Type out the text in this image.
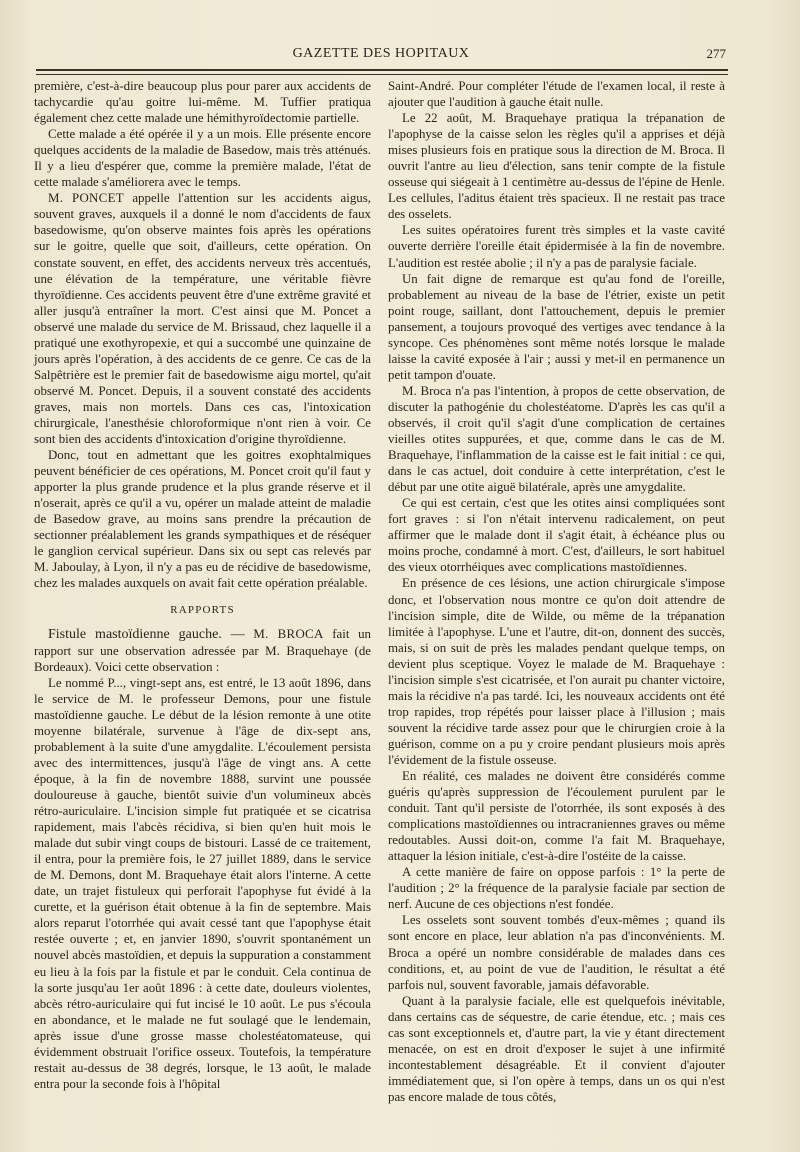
GAZETTE DES HOPITAUX	277

première, c'est-à-dire beaucoup plus pour parer aux accidents de tachycardie qu'au goitre lui-même. M. Tuffier pratiqua également chez cette malade une hémithyroïdectomie partielle.

Cette malade a été opérée il y a un mois. Elle présente encore quelques accidents de la maladie de Basedow, mais très atténués. Il y a lieu d'espérer que, comme la première malade, l'état de cette malade s'améliorera avec le temps.

M. PONCET appelle l'attention sur les accidents aigus, souvent graves, auxquels il a donné le nom d'accidents de faux basedowisme, qu'on observe maintes fois après les opérations sur le goitre, quelle que soit, d'ailleurs, cette opération. On constate souvent, en effet, des accidents nerveux très accentués, une élévation de la température, une véritable fièvre thyroïdienne. Ces accidents peuvent être d'une extrême gravité et aller jusqu'à entraîner la mort. C'est ainsi que M. Poncet a observé une malade du service de M. Brissaud, chez laquelle il a pratiqué une exothyropexie, et qui a succombé une quinzaine de jours après l'opération, à des accidents de ce genre. Ce cas de la Salpêtrière est le premier fait de basedowisme aigu mortel, qu'ait observé M. Poncet. Depuis, il a souvent constaté des accidents graves, mais non mortels. Dans ces cas, l'intoxication chirurgicale, l'anesthésie chloroformique n'ont rien à voir. Ce sont bien des accidents d'intoxication d'origine thyroïdienne.

Donc, tout en admettant que les goitres exophtalmiques peuvent bénéficier de ces opérations, M. Poncet croit qu'il faut y apporter la plus grande prudence et la plus grande réserve et il n'oserait, après ce qu'il a vu, opérer un malade atteint de maladie de Basedow grave, au moins sans prendre la précaution de sectionner préalablement les grands sympathiques et de réséquer le ganglion cervical supérieur. Dans six ou sept cas relevés par M. Jaboulay, à Lyon, il n'y a pas eu de récidive de basedowisme, chez les malades auxquels on avait fait cette opération préalable.

RAPPORTS

Fistule mastoïdienne gauche. — M. BROCA fait un rapport sur une observation adressée par M. Braquehaye (de Bordeaux). Voici cette observation :

Le nommé P..., vingt-sept ans, est entré, le 13 août 1896, dans le service de M. le professeur Demons, pour une fistule mastoïdienne gauche. Le début de la lésion remonte à une otite moyenne bilatérale, survenue à l'âge de dix-sept ans, probablement à la suite d'une amygdalite. L'écoulement persista avec des intermittences, jusqu'à l'âge de vingt ans. A cette époque, à la fin de novembre 1888, survint une poussée douloureuse à gauche, bientôt suivie d'un volumineux abcès rétro-auriculaire. L'incision simple fut pratiquée et se cicatrisa rapidement, mais l'abcès récidiva, si bien qu'en huit mois le malade dut subir vingt coups de bistouri. Lassé de ce traitement, il entra, pour la première fois, le 27 juillet 1889, dans le service de M. Demons, dont M. Braquehaye était alors l'interne. A cette date, un trajet fistuleux qui perforait l'apophyse fut évidé à la curette, et la guérison était obtenue à la fin de septembre. Mais alors reparut l'otorrhée qui avait cessé tant que l'apophyse était restée ouverte ; et, en janvier 1890, s'ouvrit spontanément un nouvel abcès mastoïdien, et depuis la suppuration a constamment eu lieu à la fois par la fistule et par le conduit. Cela continua de la sorte jusqu'au 1er août 1896 : à cette date, douleurs violentes, abcès rétro-auriculaire qui fut incisé le 10 août. Le pus s'écoula en abondance, et le malade ne fut soulagé que le lendemain, après issue d'une grosse masse cholestéatomateuse, qui évidemment obstruait l'orifice osseux. Toutefois, la température restait au-dessus de 38 degrés, lorsque, le 13 août, le malade entra pour la seconde fois à l'hôpital

Saint-André. Pour compléter l'étude de l'examen local, il reste à ajouter que l'audition à gauche était nulle.

Le 22 août, M. Braquehaye pratiqua la trépanation de l'apophyse de la caisse selon les règles qu'il a apprises et déjà mises plusieurs fois en pratique sous la direction de M. Broca. Il ouvrit l'antre au lieu d'élection, sans tenir compte de la fistule osseuse qui siégeait à 1 centimètre au-dessus de l'épine de Henle. Les cellules, l'aditus étaient très spacieux. Il ne restait pas trace des osselets.

Les suites opératoires furent très simples et la vaste cavité ouverte derrière l'oreille était épidermisée à la fin de novembre. L'audition est restée abolie ; il n'y a pas de paralysie faciale.

Un fait digne de remarque est qu'au fond de l'oreille, probablement au niveau de la base de l'étrier, existe un petit point rouge, saillant, dont l'attouchement, depuis le premier pansement, a toujours provoqué des vertiges avec tendance à la syncope. Ces phénomènes sont même notés lorsque le malade laisse la cavité exposée à l'air ; aussi y met-il en permanence un petit tampon d'ouate.

M. Broca n'a pas l'intention, à propos de cette observation, de discuter la pathogénie du cholestéatome. D'après les cas qu'il a observés, il croit qu'il s'agit d'une complication de certaines vieilles otites suppurées, et que, comme dans le cas de M. Braquehaye, l'inflammation de la caisse est le fait initial : ce qui, dans le cas actuel, doit conduire à cette interprétation, c'est le début par une otite aiguë bilatérale, après une amygdalite.

Ce qui est certain, c'est que les otites ainsi compliquées sont fort graves : si l'on n'était intervenu radicalement, on peut affirmer que le malade dont il s'agit était, à échéance plus ou moins proche, condamné à mort. C'est, d'ailleurs, le sort habituel des vieux otorrhéiques avec complications mastoïdiennes.

En présence de ces lésions, une action chirurgicale s'impose donc, et l'observation nous montre ce qu'on doit attendre de l'incision simple, dite de Wilde, ou même de la trépanation limitée à l'apophyse. L'une et l'autre, dit-on, donnent des succès, mais, si on suit de près les malades pendant quelque temps, on devient plus sceptique. Voyez le malade de M. Braquehaye : l'incision simple s'est cicatrisée, et l'on aurait pu chanter victoire, mais la récidive n'a pas tardé. Ici, les nouveaux accidents ont été trop rapides, trop répétés pour laisser place à l'illusion ; mais souvent la récidive tarde assez pour que le chirurgien croie à la guérison, comme on a pu y croire pendant plusieurs mois après l'évidement de la fistule osseuse.

En réalité, ces malades ne doivent être considérés comme guéris qu'après suppression de l'écoulement purulent par le conduit. Tant qu'il persiste de l'otorrhée, ils sont exposés à des complications mastoïdiennes ou intracraniennes graves ou même redoutables. Aussi doit-on, comme l'a fait M. Braquehaye, attaquer la lésion initiale, c'est-à-dire l'ostéite de la caisse.

A cette manière de faire on oppose parfois : 1° la perte de l'audition ; 2° la fréquence de la paralysie faciale par section de nerf. Aucune de ces objections n'est fondée.

Les osselets sont souvent tombés d'eux-mêmes ; quand ils sont encore en place, leur ablation n'a pas d'inconvénients. M. Broca a opéré un nombre considérable de malades dans ces conditions, et, au point de vue de l'audition, le résultat a été parfois nul, souvent favorable, jamais défavorable.

Quant à la paralysie faciale, elle est quelquefois inévitable, dans certains cas de séquestre, de carie étendue, etc. ; mais ces cas sont exceptionnels et, d'autre part, la vie y étant directement menacée, on est en droit d'exposer le sujet à une infirmité incontestablement désagréable. Et il convient d'ajouter immédiatement que, si l'on opère à temps, dans un os qui n'est pas encore malade de tous côtés,
